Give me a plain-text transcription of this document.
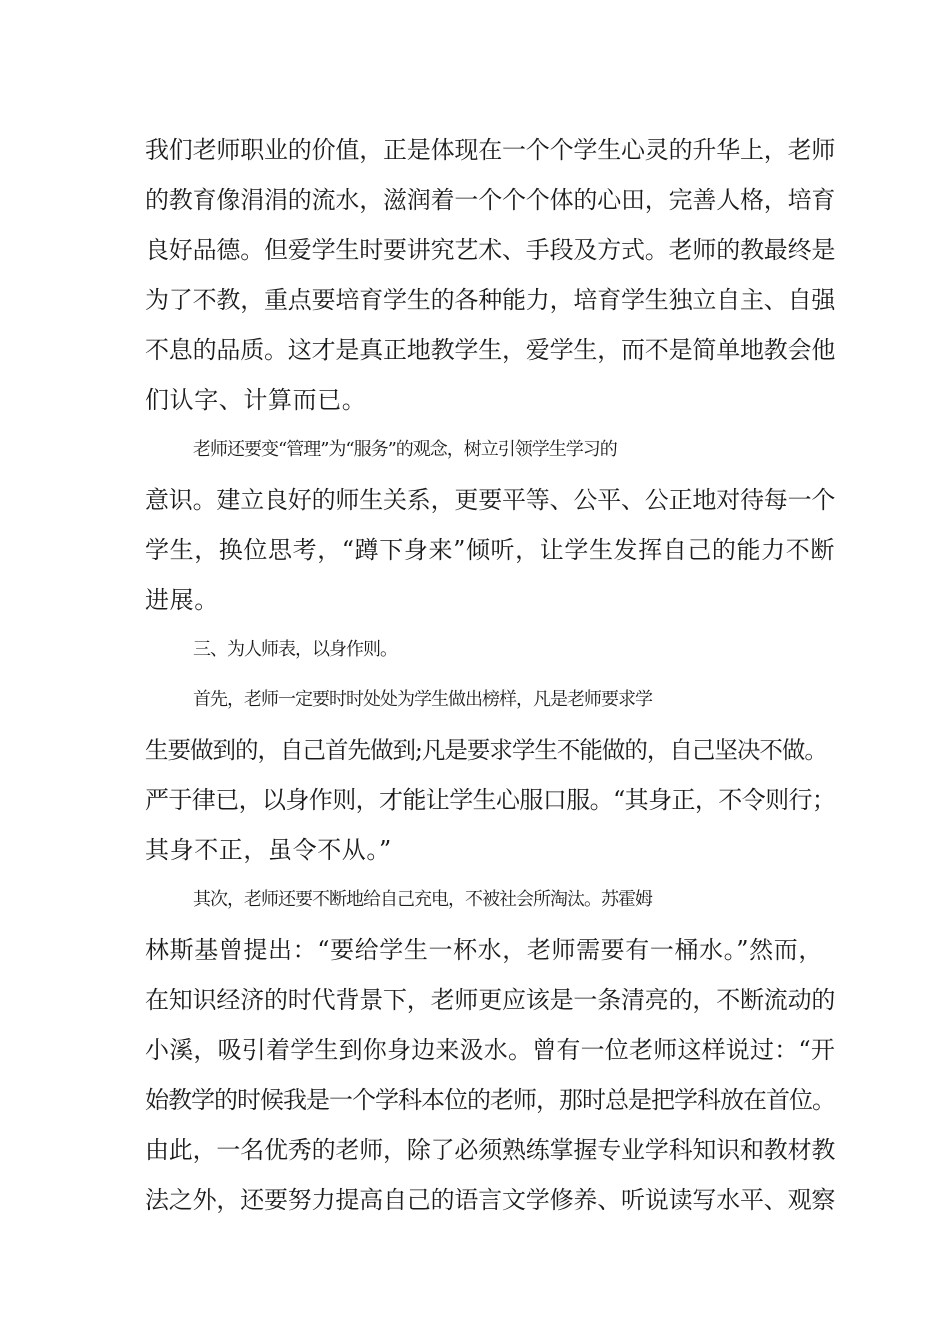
我们老师职业的价值，正是体现在一个个学生心灵的升华上，老师
的教育像涓涓的流水，滋润着一个个个体的心田，完善人格，培育
良好品德。但爱学生时要讲究艺术、手段及方式。老师的教最终是
为了不教，重点要培育学生的各种能力，培育学生独立自主、自强
不息的品质。这才是真正地教学生，爱学生，而不是简单地教会他
们认字、计算而已。
老师还要变“管理”为“服务”的观念，树立引领学生学习的
意识。建立良好的师生关系，更要平等、公平、公正地对待每一个
学生，换位思考，“蹲下身来”倾听，让学生发挥自己的能力不断
进展。
三、为人师表，以身作则。
首先，老师一定要时时处处为学生做出榜样，凡是老师要求学
生要做到的，自己首先做到;凡是要求学生不能做的，自己坚决不做。
严于律已，以身作则，才能让学生心服口服。“其身正，不令则行；
其身不正，虽令不从。”
其次，老师还要不断地给自己充电，不被社会所淘汰。苏霍姆
林斯基曾提出：“要给学生一杯水，老师需要有一桶水。”然而，
在知识经济的时代背景下，老师更应该是一条清亮的，不断流动的
小溪，吸引着学生到你身边来汲水。曾有一位老师这样说过：“开
始教学的时候我是一个学科本位的老师，那时总是把学科放在首位。
由此，一名优秀的老师，除了必须熟练掌握专业学科知识和教材教
法之外，还要努力提高自己的语言文学修养、听说读写水平、观察
